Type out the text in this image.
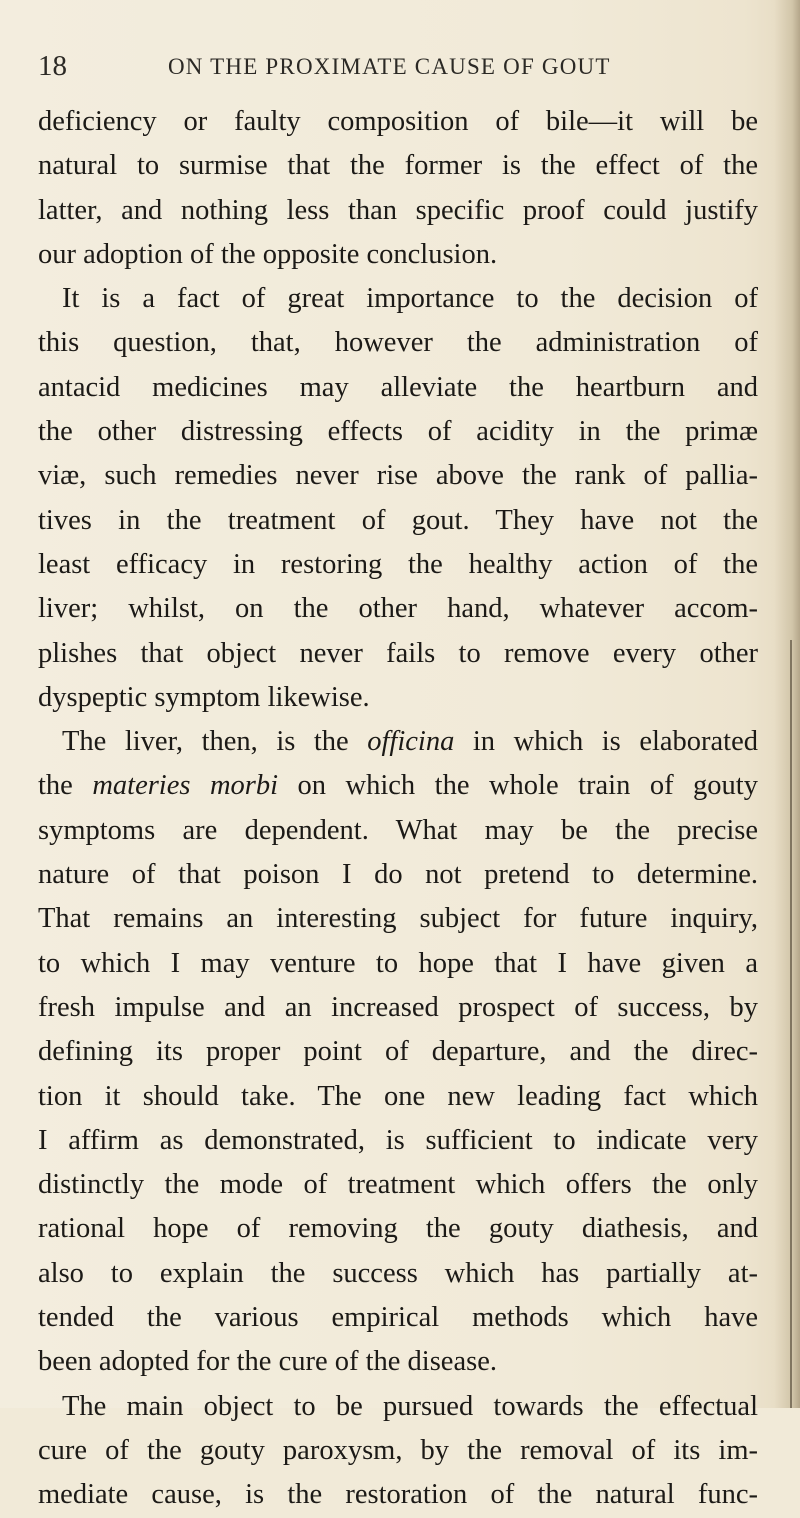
18	ON THE PROXIMATE CAUSE OF GOUT
deficiency or faulty composition of bile—it will be
natural to surmise that the former is the effect of the
latter, and nothing less than specific proof could justify
our adoption of the opposite conclusion.
It is a fact of great importance to the decision of
this question, that, however the administration of
antacid medicines may alleviate the heartburn and
the other distressing effects of acidity in the primæ
viæ, such remedies never rise above the rank of pallia-
tives in the treatment of gout. They have not the
least efficacy in restoring the healthy action of the
liver; whilst, on the other hand, whatever accom-
plishes that object never fails to remove every other
dyspeptic symptom likewise.
The liver, then, is the officina in which is elaborated
the materies morbi on which the whole train of gouty
symptoms are dependent. What may be the precise
nature of that poison I do not pretend to determine.
That remains an interesting subject for future inquiry,
to which I may venture to hope that I have given a
fresh impulse and an increased prospect of success, by
defining its proper point of departure, and the direc-
tion it should take. The one new leading fact which
I affirm as demonstrated, is sufficient to indicate very
distinctly the mode of treatment which offers the only
rational hope of removing the gouty diathesis, and
also to explain the success which has partially at-
tended the various empirical methods which have
been adopted for the cure of the disease.
The main object to be pursued towards the effectual
cure of the gouty paroxysm, by the removal of its im-
mediate cause, is the restoration of the natural func-
